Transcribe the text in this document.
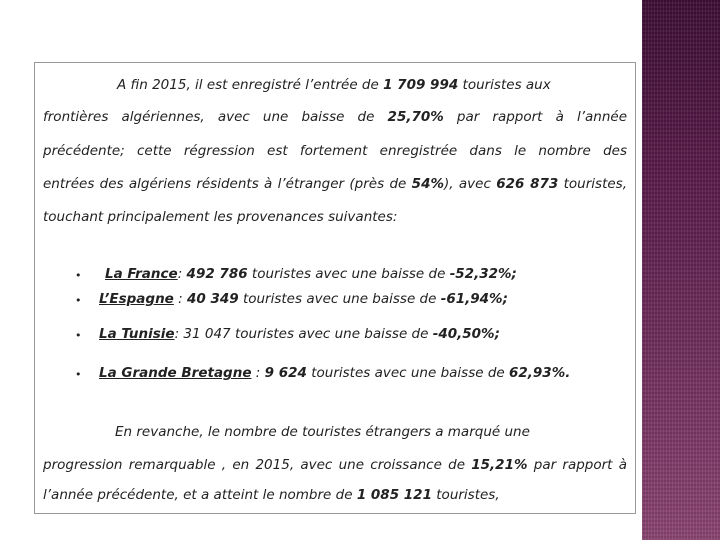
A fin 2015, il est enregistré l’entrée de 1 709 994 touristes aux
frontières algériennes, avec une baisse de 25,70% par rapport à l’année
précédente; cette régression est fortement enregistrée dans le nombre des
entrées des algériens résidents à l’étranger (près de 54%), avec 626 873 touristes,
touchant principalement les provenances suivantes:
• La France: 492 786 touristes avec une baisse de -52,32%;
• L’Espagne : 40 349 touristes avec une baisse de -61,94%;
• La Tunisie: 31 047 touristes avec une baisse de -40,50%;
• La Grande Bretagne : 9 624 touristes avec une baisse de 62,93%.
En revanche, le nombre de touristes étrangers a marqué une
progression remarquable , en 2015, avec une croissance de 15,21% par rapport à
l’année précédente, et a atteint le nombre de 1 085 121 touristes,
